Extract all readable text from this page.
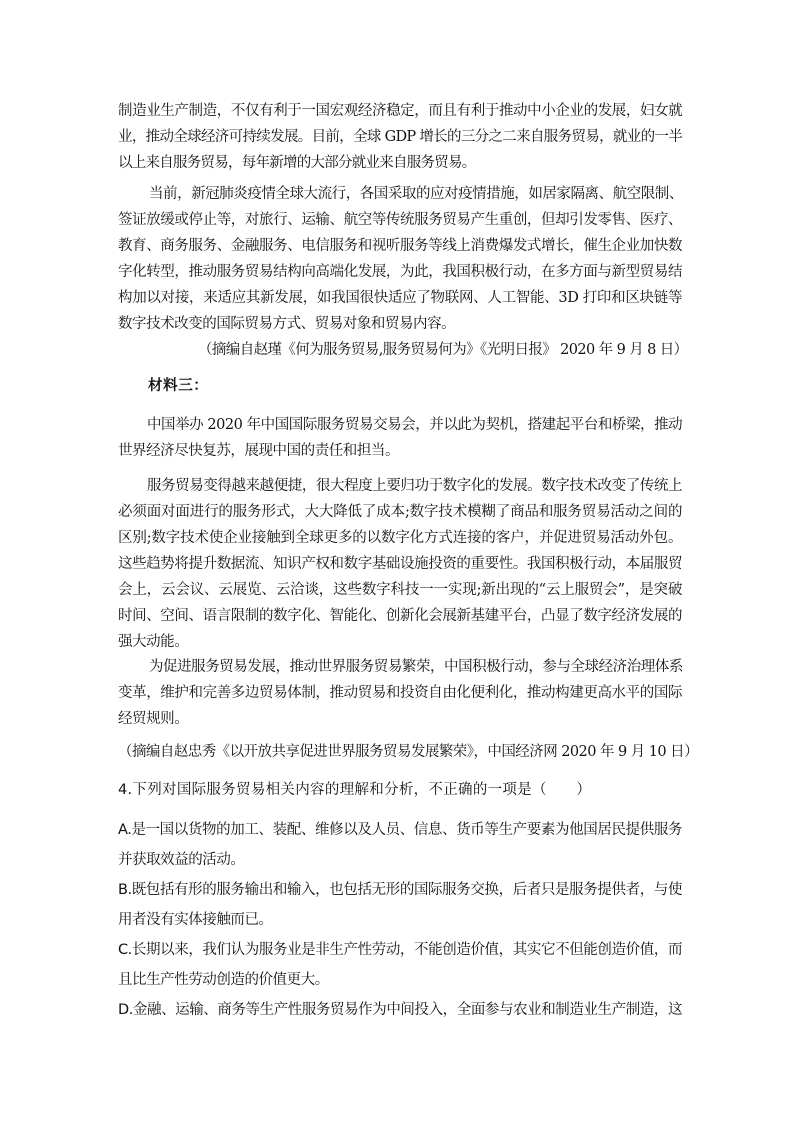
制造业生产制造，不仅有利于一国宏观经济稳定，而且有利于推动中小企业的发展，妇女就
业，推动全球经济可持续发展。目前，全球 GDP 增长的三分之二来自服务贸易，就业的一半
以上来自服务贸易，每年新增的大部分就业来自服务贸易。

当前，新冠肺炎疫情全球大流行，各国采取的应对疫情措施，如居家隔离、航空限制、
签证放缓或停止等，对旅行、运输、航空等传统服务贸易产生重创，但却引发零售、医疗、
教育、商务服务、金融服务、电信服务和视听服务等线上消费爆发式增长，催生企业加快数
字化转型，推动服务贸易结构向高端化发展，为此，我国积极行动，在多方面与新型贸易结
构加以对接，来适应其新发展，如我国很快适应了物联网、人工智能、3D 打印和区块链等
数字技术改变的国际贸易方式、贸易对象和贸易内容。

（摘编自赵瑾《何为服务贸易,服务贸易何为》《光明日报》 2020 年 9 月 8 日）

材料三：

中国举办 2020 年中国国际服务贸易交易会，并以此为契机，搭建起平台和桥梁，推动
世界经济尽快复苏，展现中国的责任和担当。

服务贸易变得越来越便捷，很大程度上要归功于数字化的发展。数字技术改变了传统上
必须面对面进行的服务形式，大大降低了成本;数字技术模糊了商品和服务贸易活动之间的
区别;数字技术使企业接触到全球更多的以数字化方式连接的客户，并促进贸易活动外包。
这些趋势将提升数据流、知识产权和数字基础设施投资的重要性。我国积极行动，本届服贸
会上，云会议、云展览、云洽谈，这些数字科技一一实现;新出现的“云上服贸会”，是突破
时间、空间、语言限制的数字化、智能化、创新化会展新基建平台，凸显了数字经济发展的
强大动能。

为促进服务贸易发展，推动世界服务贸易繁荣，中国积极行动，参与全球经济治理体系
变革，维护和完善多边贸易体制，推动贸易和投资自由化便利化，推动构建更高水平的国际
经贸规则。

（摘编自赵忠秀《以开放共享促进世界服务贸易发展繁荣》，中国经济网 2020 年 9 月 10 日）

4.下列对国际服务贸易相关内容的理解和分析，不正确的一项是（　　）

A.是一国以货物的加工、装配、维修以及人员、信息、货币等生产要素为他国居民提供服务
并获取效益的活动。

B.既包括有形的服务输出和输入，也包括无形的国际服务交换，后者只是服务提供者，与使
用者没有实体接触而已。

C.长期以来，我们认为服务业是非生产性劳动，不能创造价值，其实它不但能创造价值，而
且比生产性劳动创造的价值更大。

D.金融、运输、商务等生产性服务贸易作为中间投入，全面参与农业和制造业生产制造，这
